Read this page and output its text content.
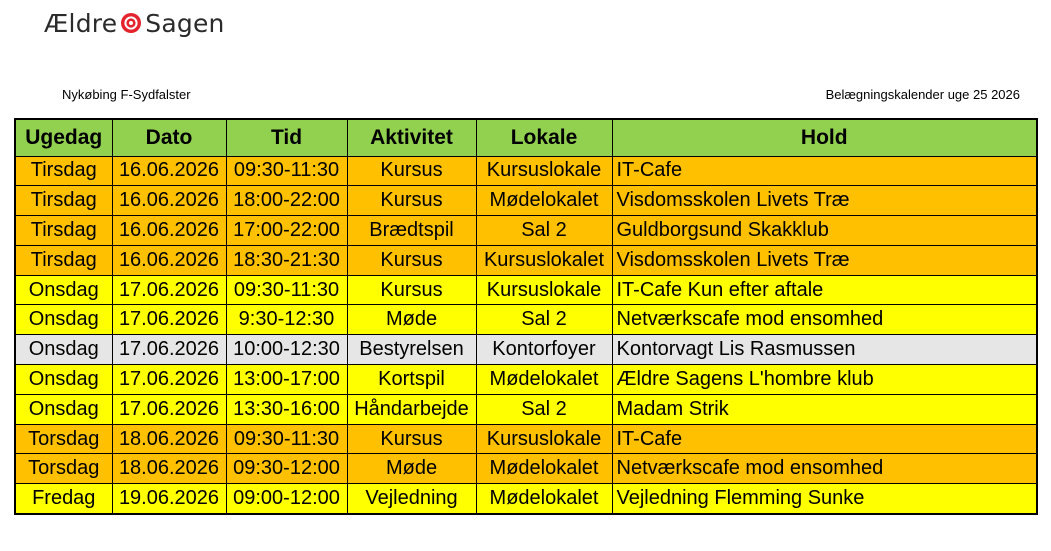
Ældre Sagen
Nykøbing F-Sydfalster	Belægningskalender uge 25 2026
Ugedag	Dato	Tid	Aktivitet	Lokale	Hold
Tirsdag	16.06.2026	09:30-11:30	Kursus	Kursuslokale	IT-Cafe
Tirsdag	16.06.2026	18:00-22:00	Kursus	Mødelokalet	Visdomsskolen Livets Træ
Tirsdag	16.06.2026	17:00-22:00	Brædtspil	Sal 2	Guldborgsund Skakklub
Tirsdag	16.06.2026	18:30-21:30	Kursus	Kursuslokalet	Visdomsskolen Livets Træ
Onsdag	17.06.2026	09:30-11:30	Kursus	Kursuslokale	IT-Cafe Kun efter aftale
Onsdag	17.06.2026	9:30-12:30	Møde	Sal 2	Netværkscafe mod ensomhed
Onsdag	17.06.2026	10:00-12:30	Bestyrelsen	Kontorfoyer	Kontorvagt Lis Rasmussen
Onsdag	17.06.2026	13:00-17:00	Kortspil	Mødelokalet	Ældre Sagens L'hombre klub
Onsdag	17.06.2026	13:30-16:00	Håndarbejde	Sal 2	Madam Strik
Torsdag	18.06.2026	09:30-11:30	Kursus	Kursuslokale	IT-Cafe
Torsdag	18.06.2026	09:30-12:00	Møde	Mødelokalet	Netværkscafe mod ensomhed
Fredag	19.06.2026	09:00-12:00	Vejledning	Mødelokalet	Vejledning Flemming Sunke
